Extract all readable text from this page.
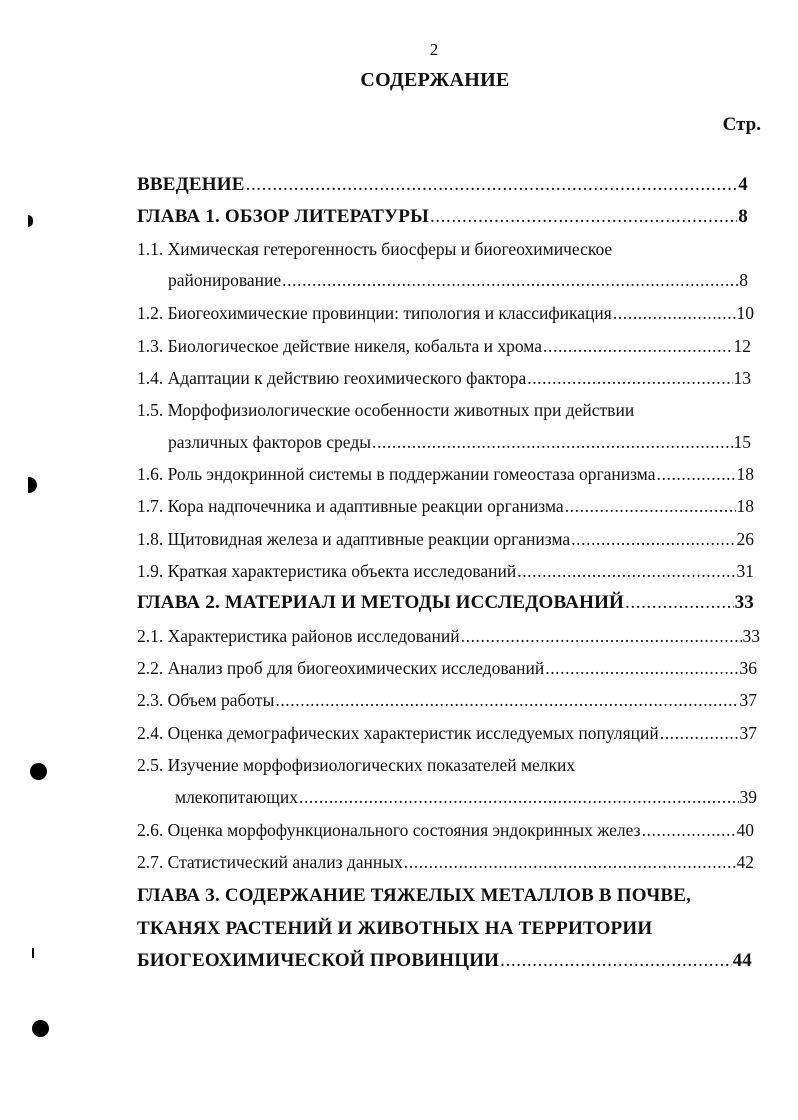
2
СОДЕРЖАНИЕ
Стр.
ВВЕДЕНИЕ .....	4
ГЛАВА 1. ОБЗОР ЛИТЕРАТУРЫ .....	8
1.1. Химическая гетерогенность биосферы и биогеохимическое
районирование .....	8
1.2. Биогеохимические провинции: типология и классификация .....	10
1.3. Биологическое действие никеля, кобальта и хрома .....	12
1.4. Адаптации к действию геохимического фактора .....	13
1.5. Морфофизиологические особенности животных при действии
различных факторов среды .....	15
1.6. Роль эндокринной системы в поддержании гомеостаза организма .....	18
1.7. Кора надпочечника и адаптивные реакции организма .....	18
1.8. Щитовидная железа и адаптивные реакции организма .....	26
1.9. Краткая характеристика объекта исследований .....	31
ГЛАВА 2. МАТЕРИАЛ И МЕТОДЫ ИССЛЕДОВАНИЙ .....	33
2.1. Характеристика районов исследований .....	33
2.2. Анализ проб для биогеохимических исследований .....	36
2.3. Объем работы .....	37
2.4. Оценка демографических характеристик исследуемых популяций .....	37
2.5. Изучение морфофизиологических показателей мелких
млекопитающих .....	39
2.6. Оценка морфофункционального состояния эндокринных желез .....	40
2.7. Статистический анализ данных .....	42
ГЛАВА 3. СОДЕРЖАНИЕ ТЯЖЕЛЫХ МЕТАЛЛОВ В ПОЧВЕ,
ТКАНЯХ РАСТЕНИЙ И ЖИВОТНЫХ НА ТЕРРИТОРИИ
БИОГЕОХИМИЧЕСКОЙ ПРОВИНЦИИ .....	44
